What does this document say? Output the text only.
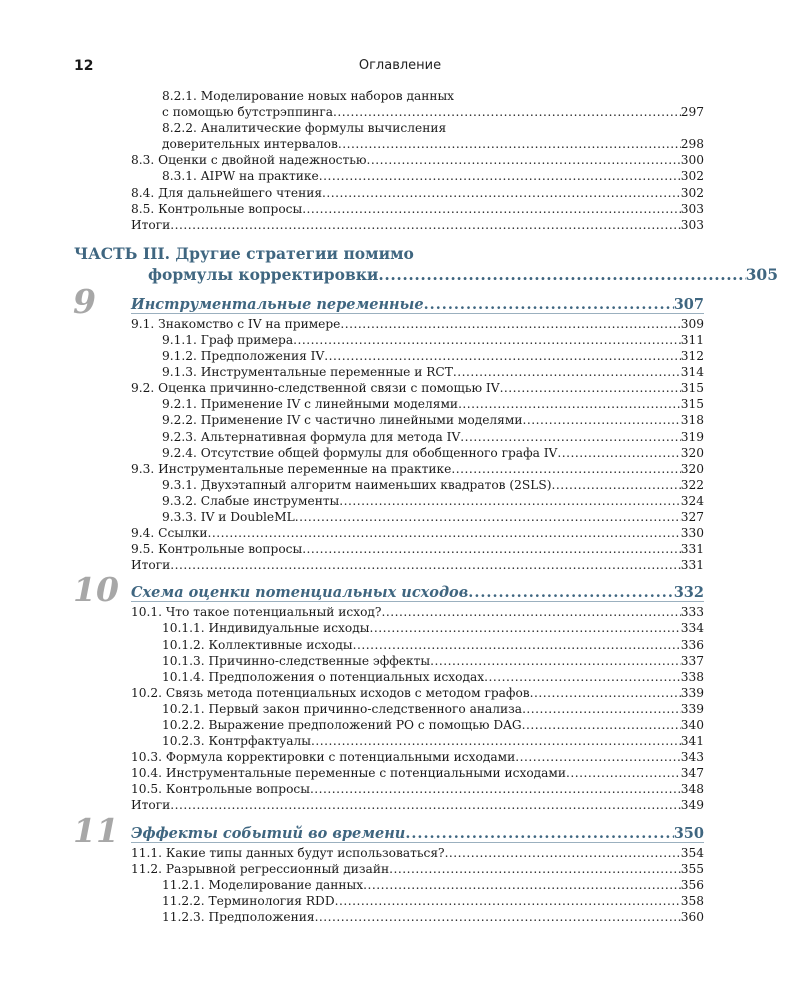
12	Оглавление
8.2.1. Моделирование новых наборов данных
с помощью бутстрэппинга .....	297
8.2.2. Аналитические формулы вычисления
доверительных интервалов .....	298
8.3. Оценки с двойной надежностью .....	300
8.3.1. AIPW на практике .....	302
8.4. Для дальнейшего чтения .....	302
8.5. Контрольные вопросы .....	303
Итоги .....	303
ЧАСТЬ III. Другие стратегии помимо
формулы корректировки .....	305
9	Инструментальные переменные .....	307
9.1. Знакомство с IV на примере .....	309
9.1.1. Граф примера .....	311
9.1.2. Предположения IV .....	312
9.1.3. Инструментальные переменные и RCT .....	314
9.2. Оценка причинно-следственной связи с помощью IV .....	315
9.2.1. Применение IV с линейными моделями .....	315
9.2.2. Применение IV с частично линейными моделями .....	318
9.2.3. Альтернативная формула для метода IV .....	319
9.2.4. Отсутствие общей формулы для обобщенного графа IV .....	320
9.3. Инструментальные переменные на практике .....	320
9.3.1. Двухэтапный алгоритм наименьших квадратов (2SLS) .....	322
9.3.2. Слабые инструменты .....	324
9.3.3. IV и DoubleML .....	327
9.4. Ссылки .....	330
9.5. Контрольные вопросы .....	331
Итоги .....	331
10 Схема оценки потенциальных исходов .....	332
10.1. Что такое потенциальный исход? .....	333
10.1.1. Индивидуальные исходы .....	334
10.1.2. Коллективные исходы .....	336
10.1.3. Причинно-следственные эффекты .....	337
10.1.4. Предположения о потенциальных исходах .....	338
10.2. Связь метода потенциальных исходов с методом графов .....	339
10.2.1. Первый закон причинно-следственного анализа .....	339
10.2.2. Выражение предположений PO с помощью DAG .....	340
10.2.3. Контрфактуалы .....	341
10.3. Формула корректировки с потенциальными исходами .....	343
10.4. Инструментальные переменные с потенциальными исходами .....	347
10.5. Контрольные вопросы .....	348
Итоги .....	349
11 Эффекты событий во времени .....	350
11.1. Какие типы данных будут использоваться? .....	354
11.2. Разрывной регрессионный дизайн .....	355
11.2.1. Моделирование данных .....	356
11.2.2. Терминология RDD .....	358
11.2.3. Предположения .....	360
